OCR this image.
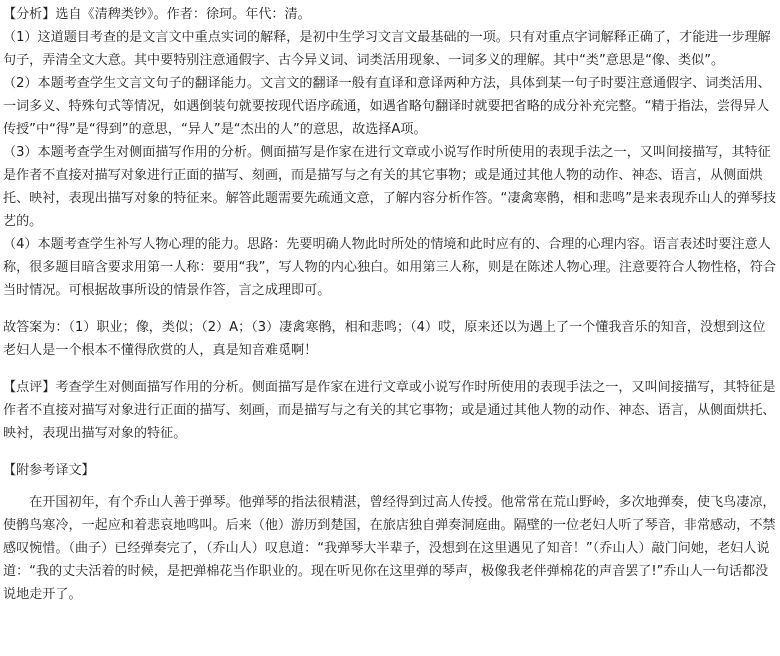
【分析】选自《清稗类钞》。作者：徐珂。年代：清。

（1）这道题目考查的是文言文中重点实词的解释，是初中生学习文言文最基础的一项。只有对重点字词解释正确了，才能进一步理解句子，弄清全文大意。其中要特别注意通假字、古今异义词、词类活用现象、一词多义的理解。其中“类”意思是“像、类似”。

（2）本题考查学生文言文句子的翻译能力。文言文的翻译一般有直译和意译两种方法，具体到某一句子时要注意通假字、词类活用、一词多义、特殊句式等情况，如遇倒装句就要按现代语序疏通，如遇省略句翻译时就要把省略的成分补充完整。“精于指法，尝得异人传授”中“得”是“得到”的意思，“异人”是“杰出的人”的意思，故选择A项。

（3）本题考查学生对侧面描写作用的分析。侧面描写是作家在进行文章或小说写作时所使用的表现手法之一，又叫间接描写，其特征是作者不直接对描写对象进行正面的描写、刻画，而是描写与之有关的其它事物；或是通过其他人物的动作、神态、语言，从侧面烘托、映衬，表现出描写对象的特征来。解答此题需要先疏通文意，了解内容分析作答。“凄禽寒鹘，相和悲鸣”是来表现乔山人的弹琴技艺的。

（4）本题考查学生补写人物心理的能力。思路：先要明确人物此时所处的情境和此时应有的、合理的心理内容。语言表述时要注意人称，很多题目暗含要求用第一人称：要用“我”，写人物的内心独白。如用第三人称，则是在陈述人物心理。注意要符合人物性格，符合当时情况。可根据故事所设的情景作答，言之成理即可。

故答案为：（1）职业；像，类似；（2）A；（3）凄禽寒鹘，相和悲鸣；（4）哎，原来还以为遇上了一个懂我音乐的知音，没想到这位老妇人是一个根本不懂得欣赏的人，真是知音难觅啊！

【点评】考查学生对侧面描写作用的分析。侧面描写是作家在进行文章或小说写作时所使用的表现手法之一，又叫间接描写，其特征是作者不直接对描写对象进行正面的描写、刻画，而是描写与之有关的其它事物；或是通过其他人物的动作、神态、语言，从侧面烘托、映衬，表现出描写对象的特征。

【附参考译文】

在开国初年，有个乔山人善于弹琴。他弹琴的指法很精湛，曾经得到过高人传授。他常常在荒山野岭，多次地弹奏，使飞鸟凄凉，使鹘鸟寒冷，一起应和着悲哀地鸣叫。后来（他）游历到楚国，在旅店独自弹奏洞庭曲。隔壁的一位老妇人听了琴音，非常感动，不禁感叹惋惜。（曲子）已经弹奏完了，（乔山人）叹息道：“我弹琴大半辈子，没想到在这里遇见了知音！”（乔山人）敲门问她，老妇人说道：“我的丈夫活着的时候，是把弹棉花当作职业的。现在听见你在这里弹的琴声，极像我老伴弹棉花的声音罢了!”乔山人一句话都没说地走开了。
